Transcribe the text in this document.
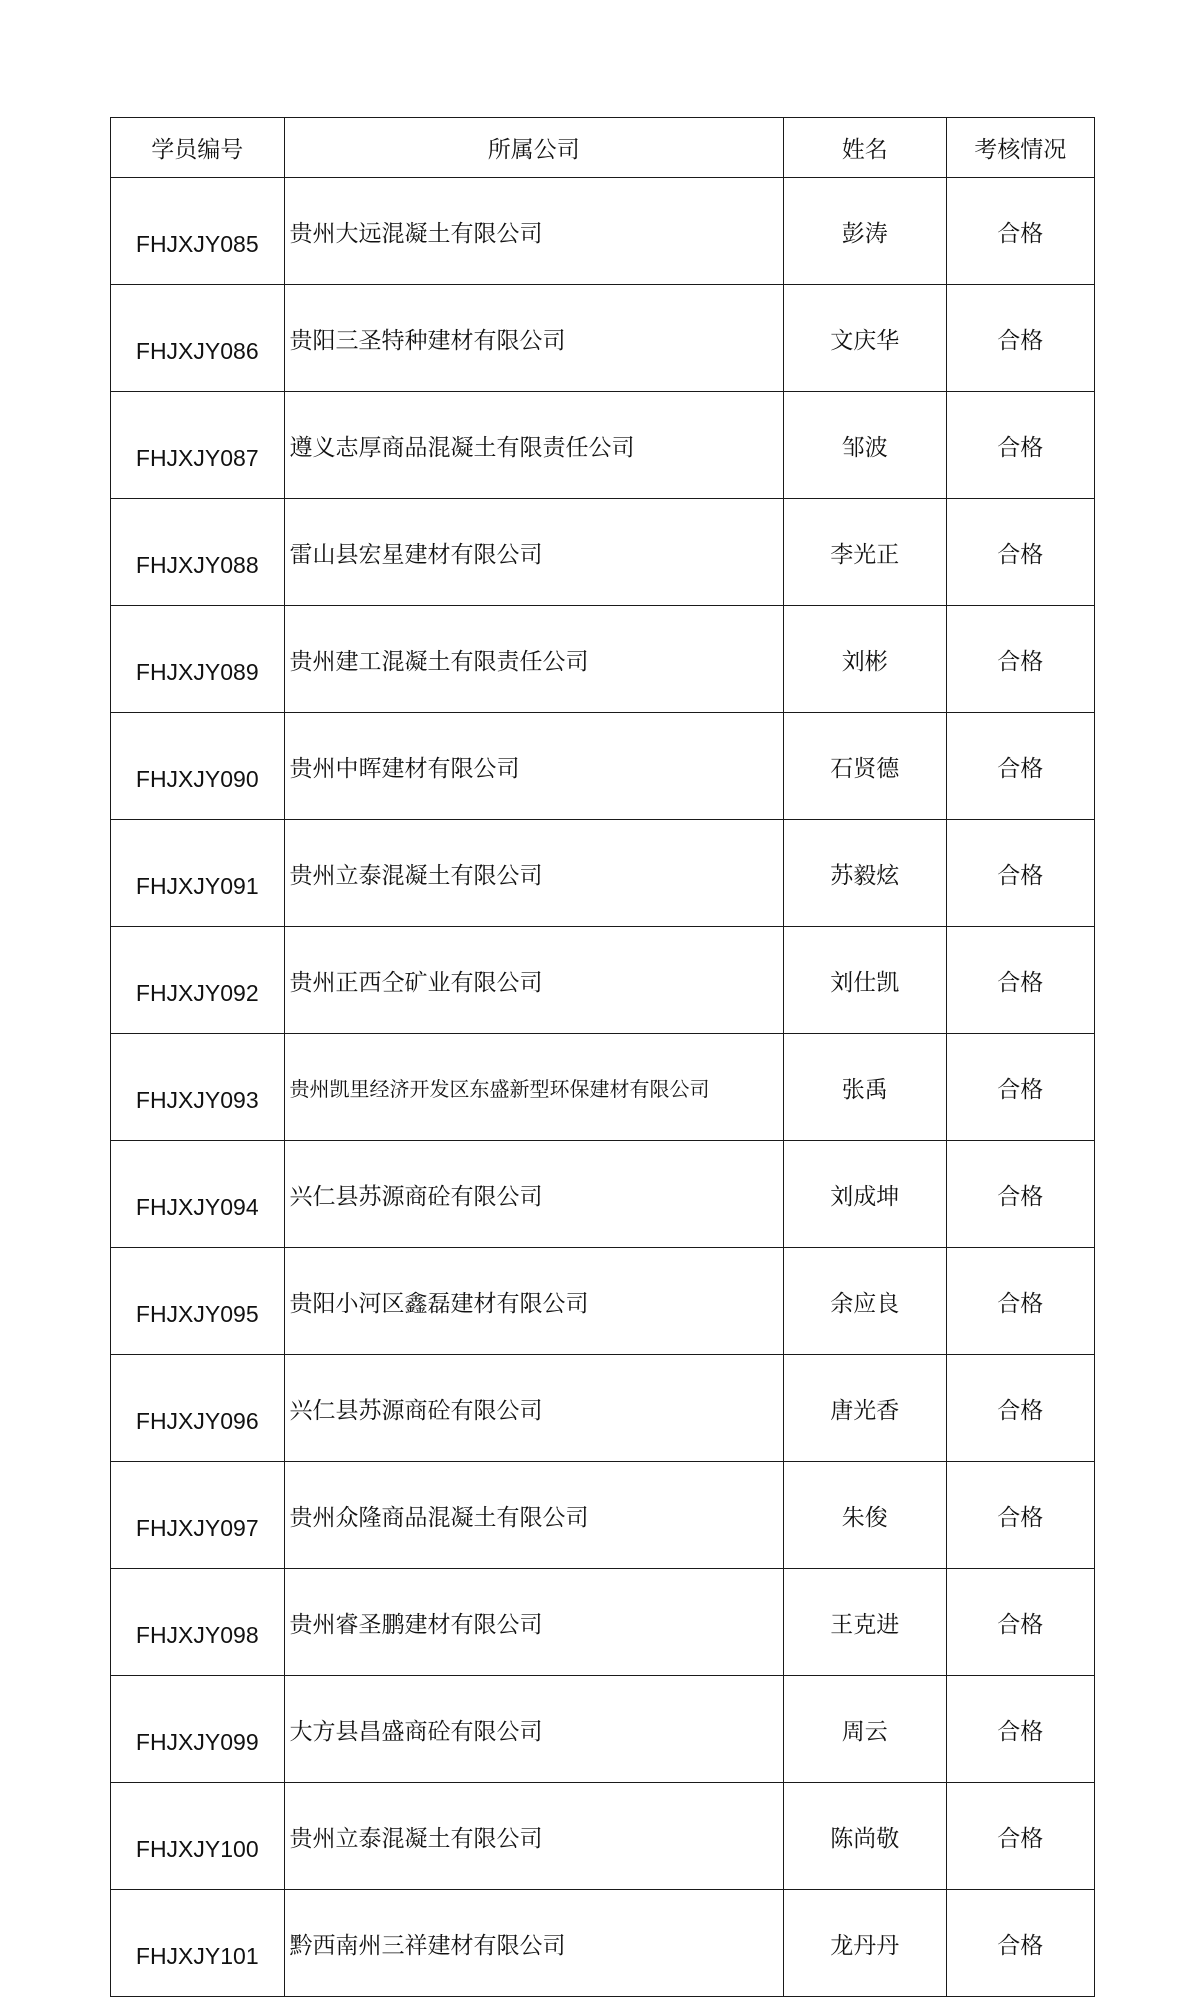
学员编号	所属公司	姓名	考核情况
FHJXJY085	贵州大远混凝土有限公司	彭涛	合格
FHJXJY086	贵阳三圣特种建材有限公司	文庆华	合格
FHJXJY087	遵义志厚商品混凝土有限责任公司	邹波	合格
FHJXJY088	雷山县宏星建材有限公司	李光正	合格
FHJXJY089	贵州建工混凝土有限责任公司	刘彬	合格
FHJXJY090	贵州中晖建材有限公司	石贤德	合格
FHJXJY091	贵州立泰混凝土有限公司	苏毅炫	合格
FHJXJY092	贵州正西仝矿业有限公司	刘仕凯	合格
FHJXJY093	贵州凯里经济开发区东盛新型环保建材有限公司	张禹	合格
FHJXJY094	兴仁县苏源商砼有限公司	刘成坤	合格
FHJXJY095	贵阳小河区鑫磊建材有限公司	余应良	合格
FHJXJY096	兴仁县苏源商砼有限公司	唐光香	合格
FHJXJY097	贵州众隆商品混凝土有限公司	朱俊	合格
FHJXJY098	贵州睿圣鹏建材有限公司	王克进	合格
FHJXJY099	大方县昌盛商砼有限公司	周云	合格
FHJXJY100	贵州立泰混凝土有限公司	陈尚敬	合格
FHJXJY101	黔西南州三祥建材有限公司	龙丹丹	合格
